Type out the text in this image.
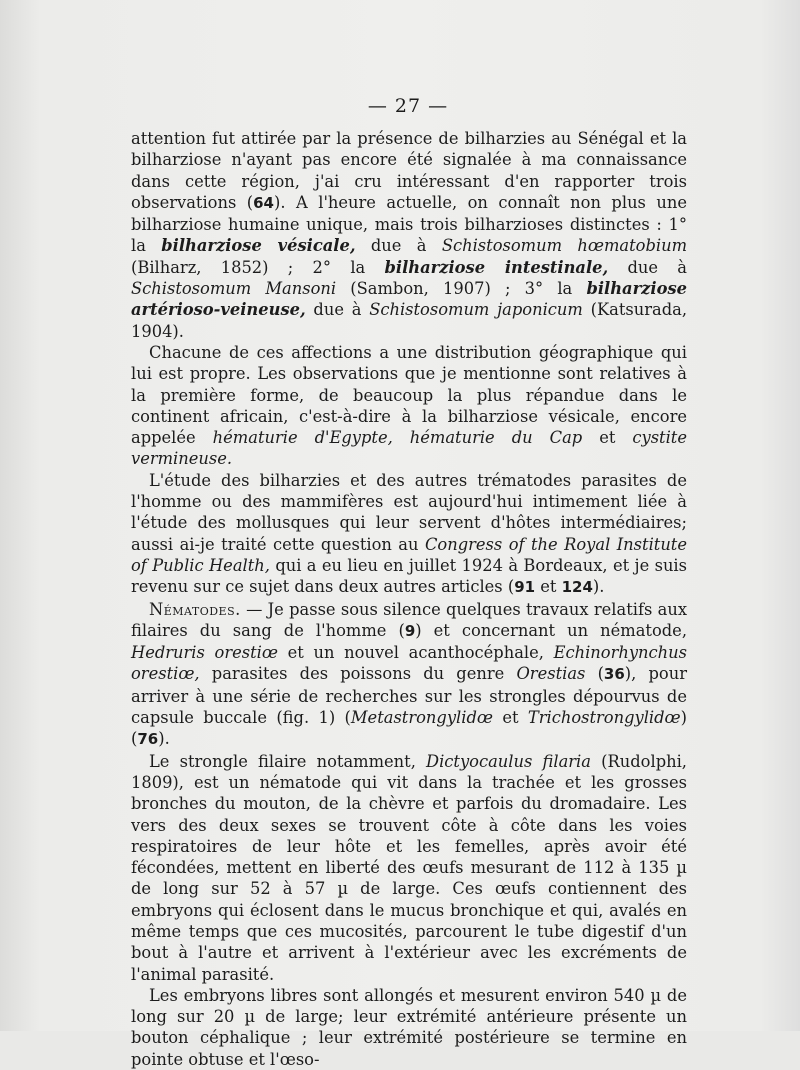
— 27 —

attention fut attirée par la présence de bilharzies au Sénégal et la bilharziose n'ayant pas encore été signalée à ma connaissance dans cette région, j'ai cru intéressant d'en rapporter trois observations (64). A l'heure actuelle, on connaît non plus une bilharziose humaine unique, mais trois bilharzioses distinctes : 1° la bilharziose vésicale, due à Schistosomum hœmatobium (Bilharz, 1852) ; 2° la bilharziose intestinale, due à Schistosomum Mansoni (Sambon, 1907) ; 3° la bilharziose artérioso-veineuse, due à Schistosomum japonicum (Katsurada, 1904).

Chacune de ces affections a une distribution géographique qui lui est propre. Les observations que je mentionne sont relatives à la première forme, de beaucoup la plus répandue dans le continent africain, c'est-à-dire à la bilharziose vésicale, encore appelée hématurie d'Egypte, hématurie du Cap et cystite vermineuse.

L'étude des bilharzies et des autres trématodes parasites de l'homme ou des mammifères est aujourd'hui intimement liée à l'étude des mollusques qui leur servent d'hôtes intermédiaires; aussi ai-je traité cette question au Congress of the Royal Institute of Public Health, qui a eu lieu en juillet 1924 à Bordeaux, et je suis revenu sur ce sujet dans deux autres articles (91 et 124).

Nématodes. — Je passe sous silence quelques travaux relatifs aux filaires du sang de l'homme (9) et concernant un nématode, Hedruris orestiœ et un nouvel acanthocéphale, Echinorhynchus orestiœ, parasites des poissons du genre Orestias (36), pour arriver à une série de recherches sur les strongles dépourvus de capsule buccale (fig. 1) (Metastrongylidœ et Trichostrongylidœ) (76).

Le strongle filaire notamment, Dictyocaulus filaria (Rudolphi, 1809), est un nématode qui vit dans la trachée et les grosses bronches du mouton, de la chèvre et parfois du dromadaire. Les vers des deux sexes se trouvent côte à côte dans les voies respiratoires de leur hôte et les femelles, après avoir été fécondées, mettent en liberté des œufs mesurant de 112 à 135 µ de long sur 52 à 57 µ de large. Ces œufs contiennent des embryons qui éclosent dans le mucus bronchique et qui, avalés en même temps que ces mucosités, parcourent le tube digestif d'un bout à l'autre et arrivent à l'extérieur avec les excréments de l'animal parasité.

Les embryons libres sont allongés et mesurent environ 540 µ de long sur 20 µ de large; leur extrémité antérieure présente un bouton céphalique ; leur extrémité postérieure se termine en pointe obtuse et l'œso-
